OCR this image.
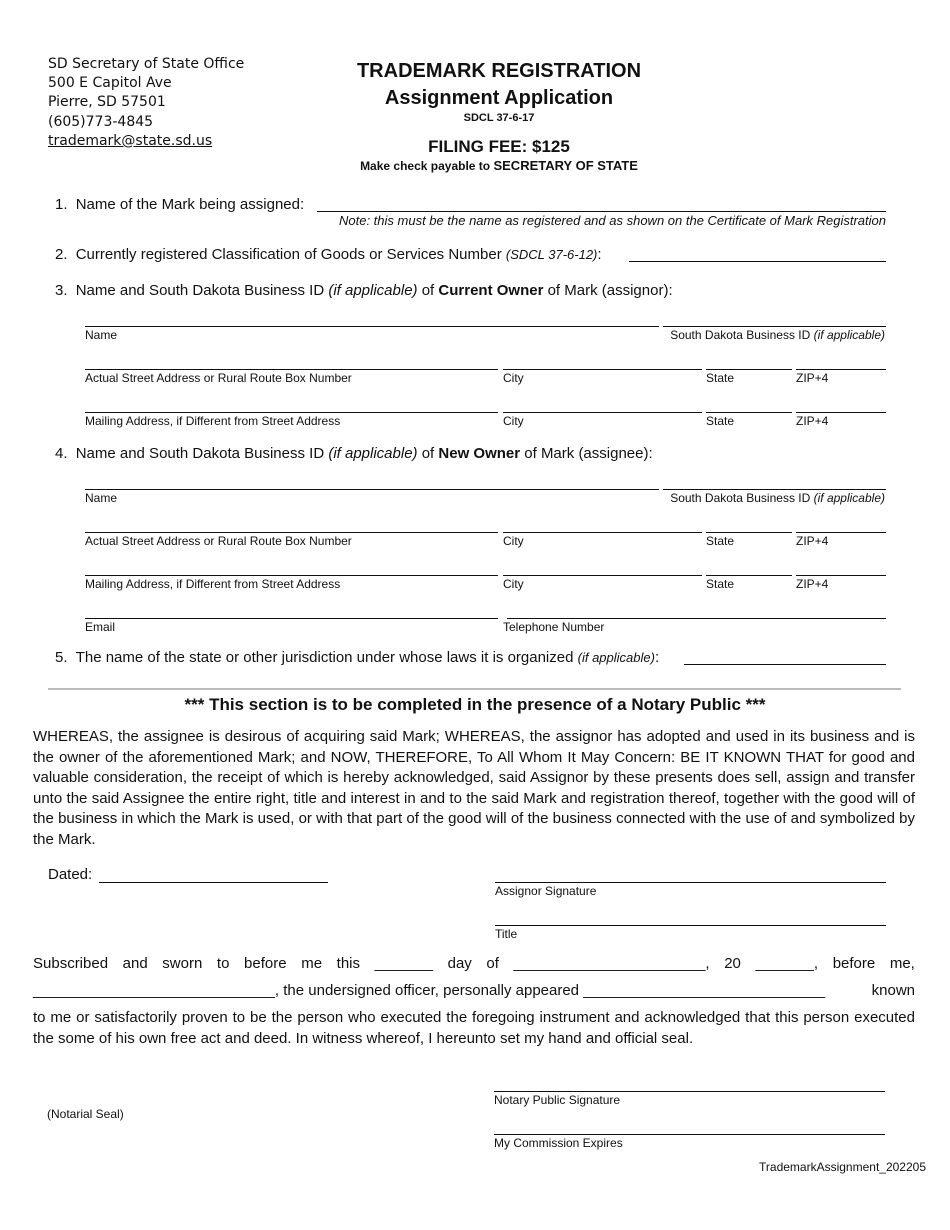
SD Secretary of State Office
500 E Capitol Ave
Pierre, SD 57501
(605)773-4845
trademark@state.sd.us
TRADEMARK REGISTRATION
Assignment Application
SDCL 37-6-17
FILING FEE: $125
Make check payable to SECRETARY OF STATE
1. Name of the Mark being assigned:
Note: this must be the name as registered and as shown on the Certificate of Mark Registration
2. Currently registered Classification of Goods or Services Number (SDCL 37-6-12):
3. Name and South Dakota Business ID (if applicable) of Current Owner of Mark (assignor):
Name	South Dakota Business ID (if applicable)
Actual Street Address or Rural Route Box Number	City	State	ZIP+4
Mailing Address, if Different from Street Address	City	State	ZIP+4
4. Name and South Dakota Business ID (if applicable) of New Owner of Mark (assignee):
Name	South Dakota Business ID (if applicable)
Actual Street Address or Rural Route Box Number	City	State	ZIP+4
Mailing Address, if Different from Street Address	City	State	ZIP+4
Email	Telephone Number
5. The name of the state or other jurisdiction under whose laws it is organized (if applicable):
*** This section is to be completed in the presence of a Notary Public ***
WHEREAS, the assignee is desirous of acquiring said Mark; WHEREAS, the assignor has adopted and used in its business and is the owner of the aforementioned Mark; and NOW, THEREFORE, To All Whom It May Concern: BE IT KNOWN THAT for good and valuable consideration, the receipt of which is hereby acknowledged, said Assignor by these presents does sell, assign and transfer unto the said Assignee the entire right, title and interest in and to the said Mark and registration thereof, together with the good will of the business in which the Mark is used, or with that part of the good will of the business connected with the use of and symbolized by the Mark.
Dated:
Assignor Signature
Title
Subscribed and sworn to before me this _______ day of _______________________, 20 _______, before me,
_____________________________, the undersigned officer, personally appeared _____________________________	known
to me or satisfactorily proven to be the person who executed the foregoing instrument and acknowledged that this person executed the some of his own free act and deed. In witness whereof, I hereunto set my hand and official seal.
Notary Public Signature
(Notarial Seal)
My Commission Expires
TrademarkAssignment_202205
